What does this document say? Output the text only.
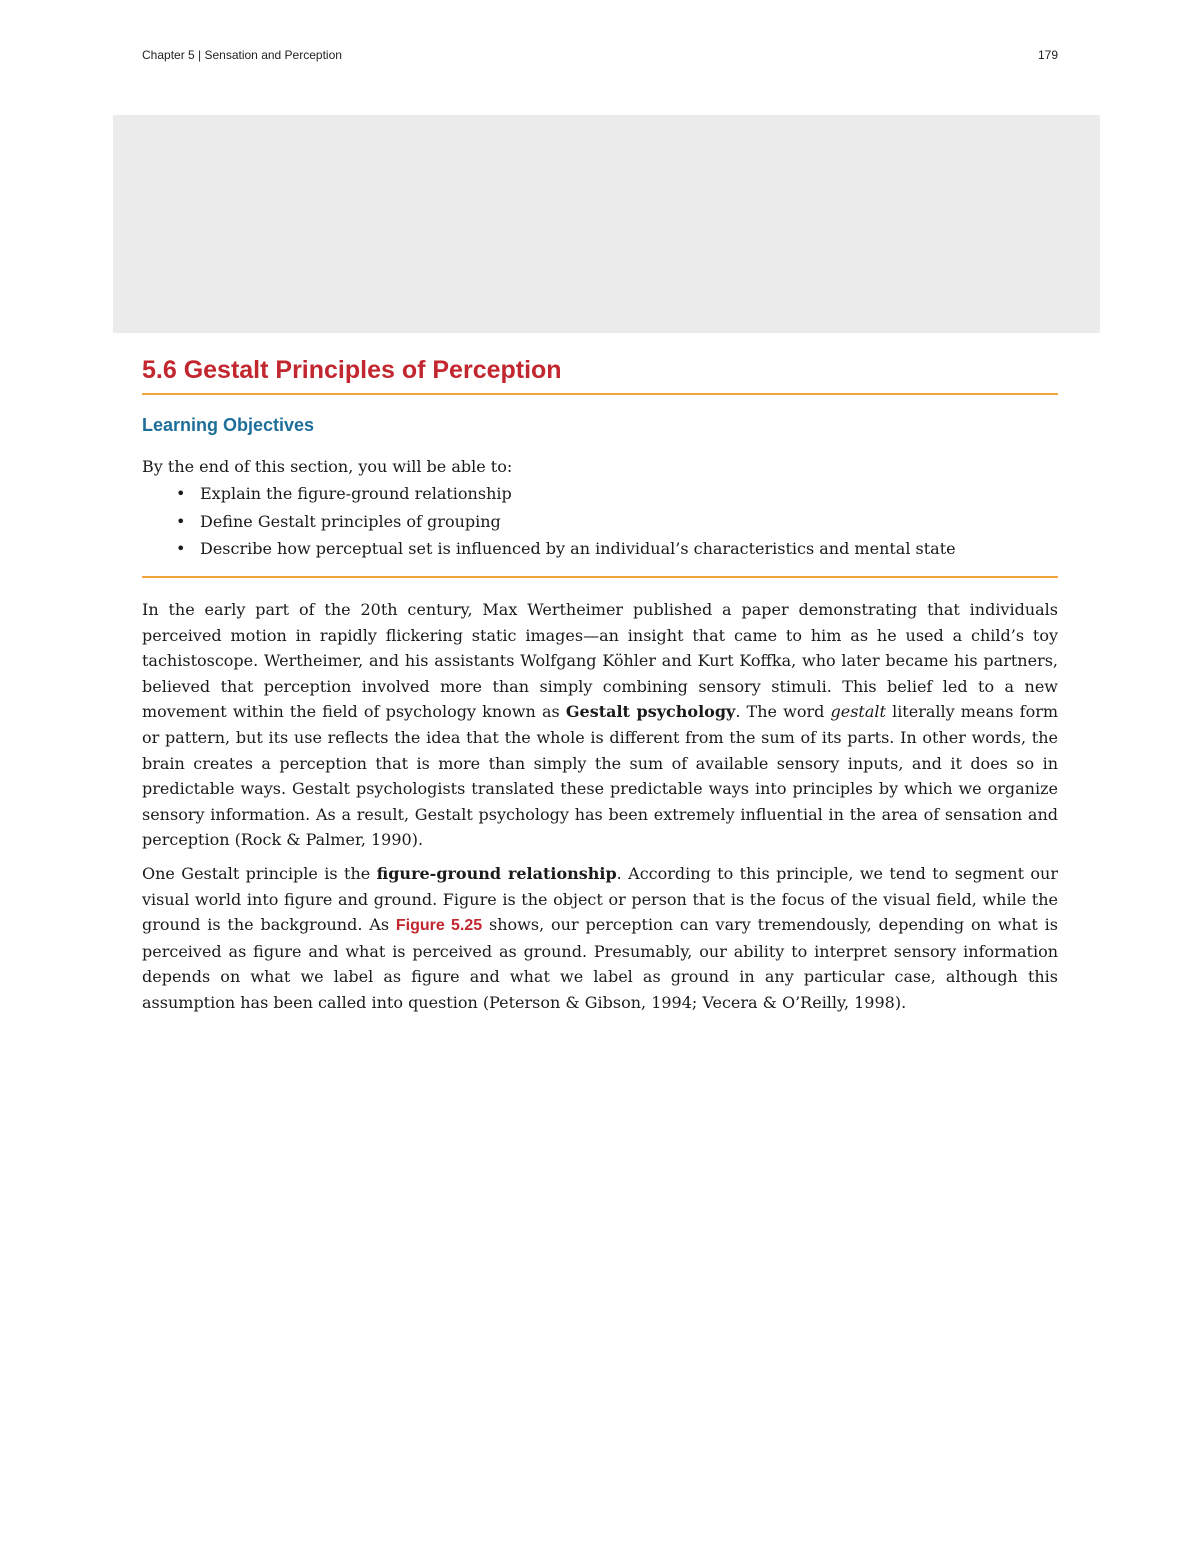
Chapter 5 | Sensation and Perception	179
5.6 Gestalt Principles of Perception
Learning Objectives
By the end of this section, you will be able to:
• Explain the figure-ground relationship
• Define Gestalt principles of grouping
• Describe how perceptual set is influenced by an individual’s characteristics and mental state

In the early part of the 20th century, Max Wertheimer published a paper demonstrating that individuals perceived motion in rapidly flickering static images—an insight that came to him as he used a child’s toy tachistoscope. Wertheimer, and his assistants Wolfgang Köhler and Kurt Koffka, who later became his partners, believed that perception involved more than simply combining sensory stimuli. This belief led to a new movement within the field of psychology known as Gestalt psychology. The word gestalt literally means form or pattern, but its use reflects the idea that the whole is different from the sum of its parts. In other words, the brain creates a perception that is more than simply the sum of available sensory inputs, and it does so in predictable ways. Gestalt psychologists translated these predictable ways into principles by which we organize sensory information. As a result, Gestalt psychology has been extremely influential in the area of sensation and perception (Rock & Palmer, 1990).

One Gestalt principle is the figure-ground relationship. According to this principle, we tend to segment our visual world into figure and ground. Figure is the object or person that is the focus of the visual field, while the ground is the background. As Figure 5.25 shows, our perception can vary tremendously, depending on what is perceived as figure and what is perceived as ground. Presumably, our ability to interpret sensory information depends on what we label as figure and what we label as ground in any particular case, although this assumption has been called into question (Peterson & Gibson, 1994; Vecera & O’Reilly, 1998).
